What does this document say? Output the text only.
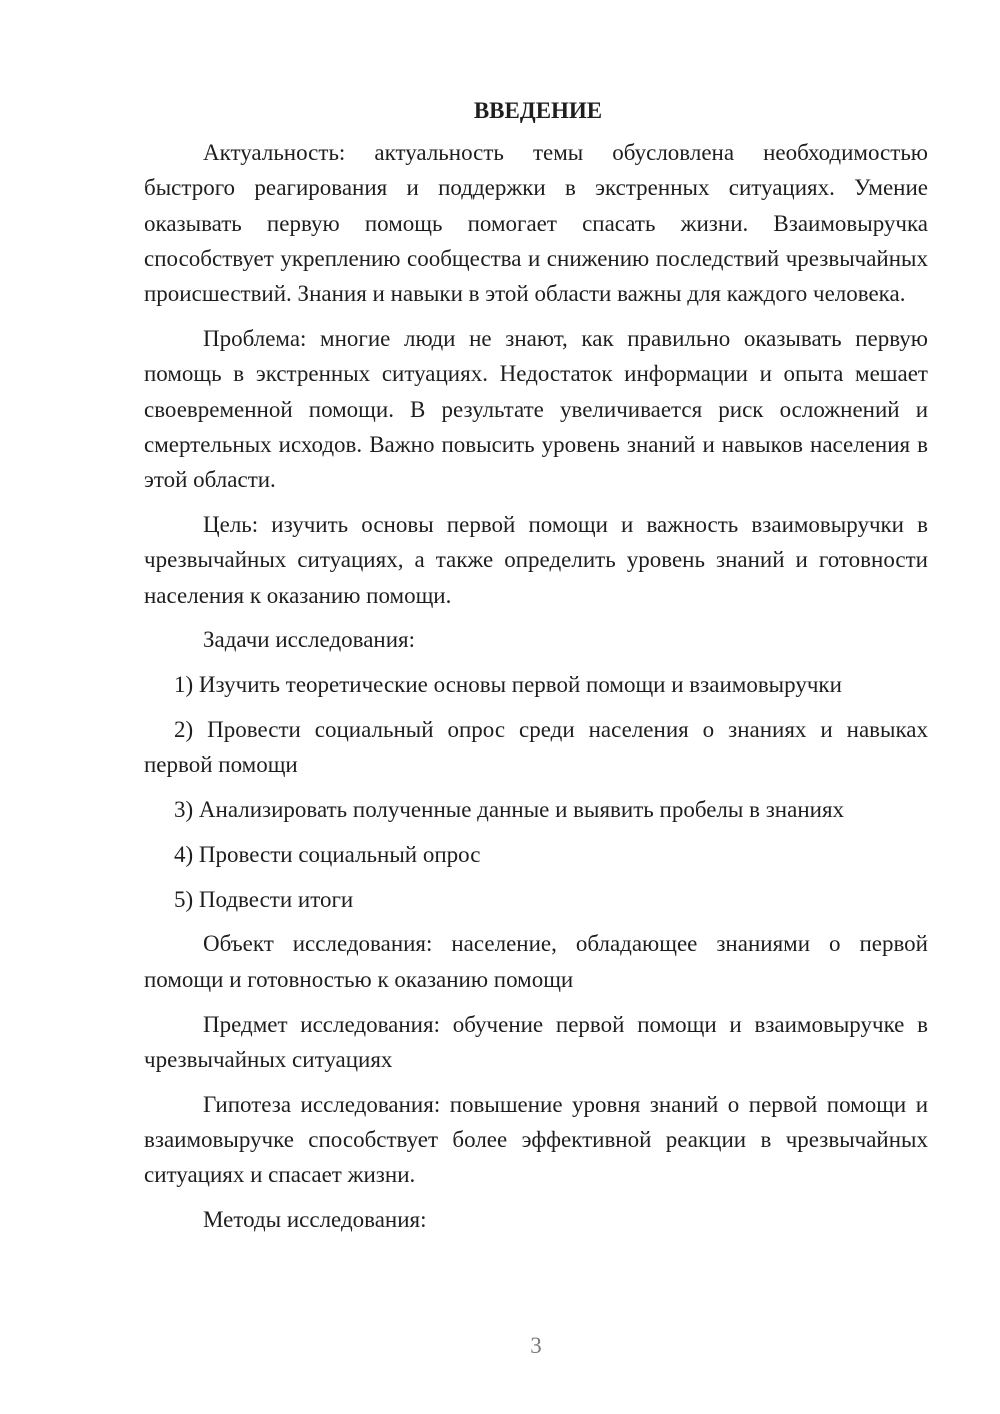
ВВЕДЕНИЕ

Актуальность: актуальность темы обусловлена необходимостью быстрого реагирования и поддержки в экстренных ситуациях. Умение оказывать первую помощь помогает спасать жизни. Взаимовыручка способствует укреплению сообщества и снижению последствий чрезвычайных происшествий. Знания и навыки в этой области важны для каждого человека.

Проблема: многие люди не знают, как правильно оказывать первую помощь в экстренных ситуациях. Недостаток информации и опыта мешает своевременной помощи. В результате увеличивается риск осложнений и смертельных исходов. Важно повысить уровень знаний и навыков населения в этой области.

Цель: изучить основы первой помощи и важность взаимовыручки в чрезвычайных ситуациях, а также определить уровень знаний и готовности населения к оказанию помощи.

Задачи исследования:

1) Изучить теоретические основы первой помощи и взаимовыручки

2) Провести социальный опрос среди населения о знаниях и навыках первой помощи

3) Анализировать полученные данные и выявить пробелы в знаниях

4) Провести социальный опрос

5) Подвести итоги

Объект исследования: население, обладающее знаниями о первой помощи и готовностью к оказанию помощи

Предмет исследования: обучение первой помощи и взаимовыручке в чрезвычайных ситуациях

Гипотеза исследования: повышение уровня знаний о первой помощи и взаимовыручке способствует более эффективной реакции в чрезвычайных ситуациях и спасает жизни.

Методы исследования:

3
